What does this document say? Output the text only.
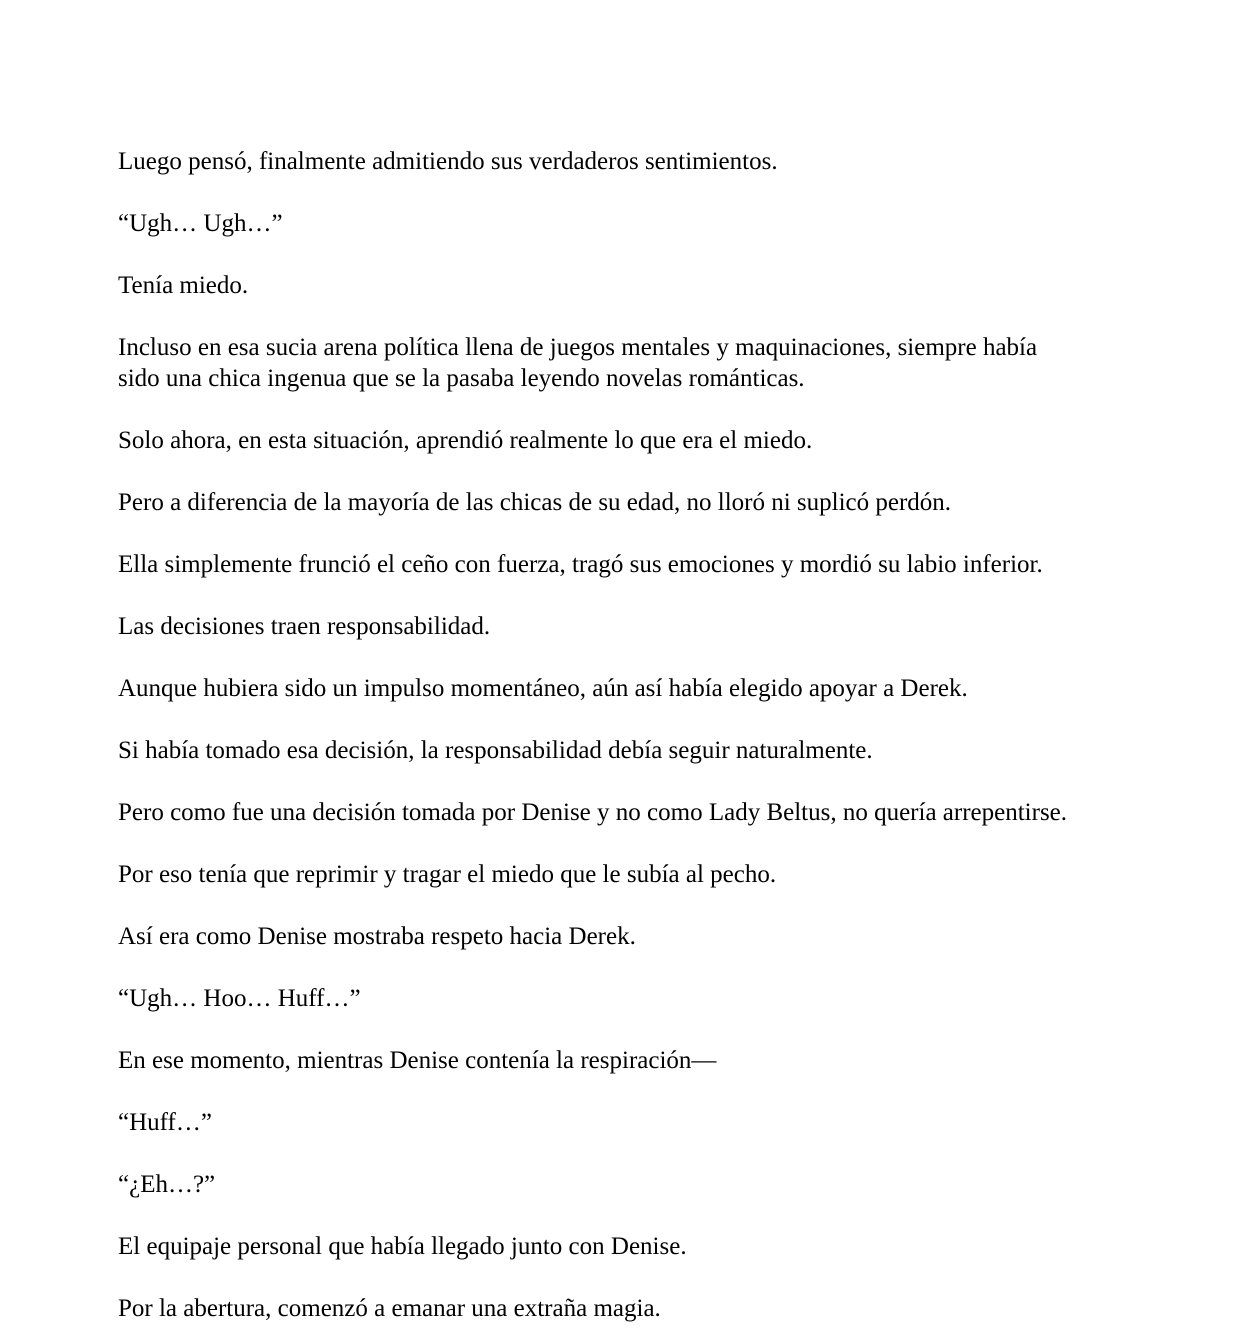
Luego pensó, finalmente admitiendo sus verdaderos sentimientos.

“Ugh… Ugh…”

Tenía miedo.

Incluso en esa sucia arena política llena de juegos mentales y maquinaciones, siempre había
sido una chica ingenua que se la pasaba leyendo novelas románticas.

Solo ahora, en esta situación, aprendió realmente lo que era el miedo.

Pero a diferencia de la mayoría de las chicas de su edad, no lloró ni suplicó perdón.

Ella simplemente frunció el ceño con fuerza, tragó sus emociones y mordió su labio inferior.

Las decisiones traen responsabilidad.

Aunque hubiera sido un impulso momentáneo, aún así había elegido apoyar a Derek.

Si había tomado esa decisión, la responsabilidad debía seguir naturalmente.

Pero como fue una decisión tomada por Denise y no como Lady Beltus, no quería arrepentirse.

Por eso tenía que reprimir y tragar el miedo que le subía al pecho.

Así era como Denise mostraba respeto hacia Derek.

“Ugh… Hoo… Huff…”

En ese momento, mientras Denise contenía la respiración—

“Huff…”

“¿Eh…?”

El equipaje personal que había llegado junto con Denise.

Por la abertura, comenzó a emanar una extraña magia.
